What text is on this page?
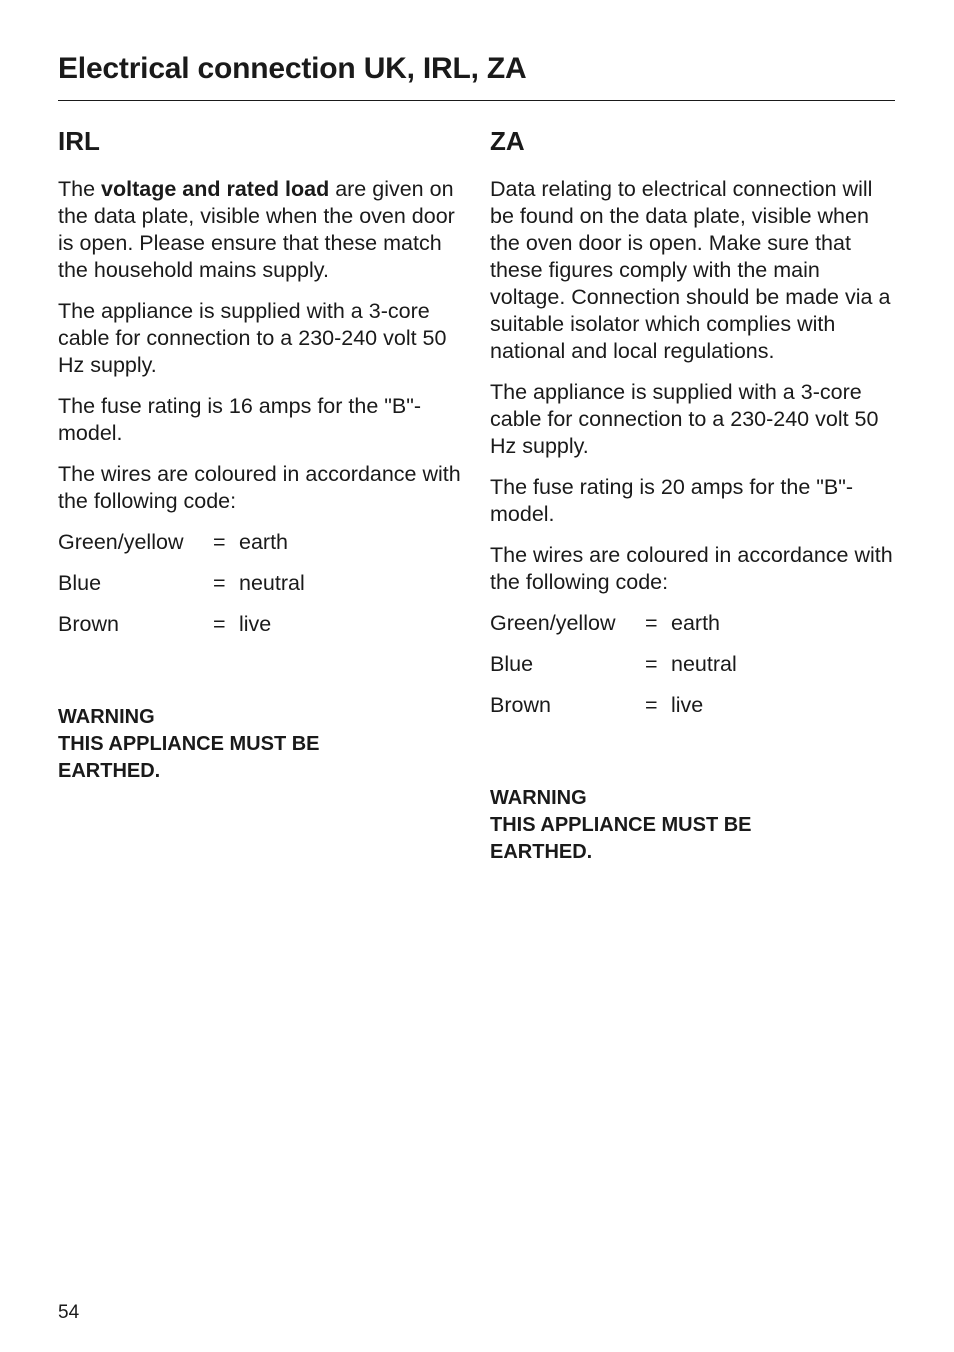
Electrical connection UK, IRL, ZA
IRL

The voltage and rated load are given on the data plate, visible when the oven door is open. Please ensure that these match the household mains supply.

The appliance is supplied with a 3-core cable for connection to a 230-240 volt 50 Hz supply.

The fuse rating is 16 amps for the "B"-model.

The wires are coloured in accordance with the following code:

Green/yellow	=	earth
Blue	=	neutral
Brown	=	live
WARNING
THIS APPLIANCE MUST BE
EARTHED.
ZA

Data relating to electrical connection will be found on the data plate, visible when the oven door is open. Make sure that these figures comply with the main voltage. Connection should be made via a suitable isolator which complies with national and local regulations.

The appliance is supplied with a 3-core cable for connection to a 230-240 volt 50 Hz supply.

The fuse rating is 20 amps for the "B"-model.

The wires are coloured in accordance with the following code:

Green/yellow	=	earth
Blue	=	neutral
Brown	=	live
WARNING
THIS APPLIANCE MUST BE
EARTHED.
54
